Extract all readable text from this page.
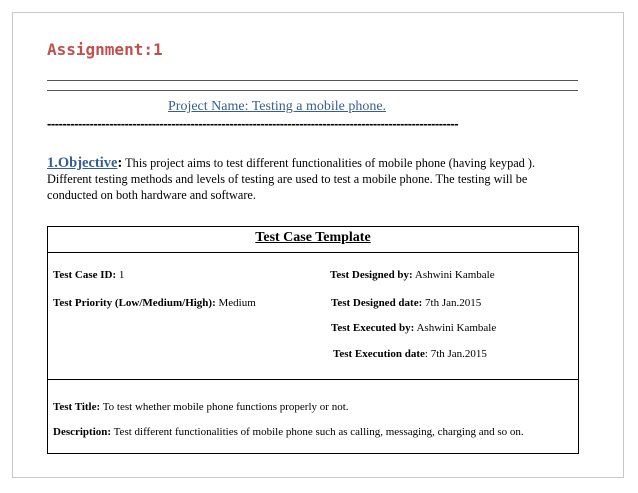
Assignment:1
Project Name: Testing a mobile phone.
----------------------------------------------------------------------------------------------------------
1.Objective: This project aims to test different functionalities of mobile phone (having keypad ). Different testing methods and levels of testing are used to test a mobile phone. The testing will be conducted on both hardware and software.
Test Case Template
Test Case ID: 1
Test Priority (Low/Medium/High): Medium
Test Designed by: Ashwini Kambale
Test Designed date: 7th Jan.2015
Test Executed by: Ashwini Kambale
Test Execution date: 7th Jan.2015
Test Title: To test whether mobile phone functions properly or not.
Description: Test different functionalities of mobile phone such as calling, messaging, charging and so on.
